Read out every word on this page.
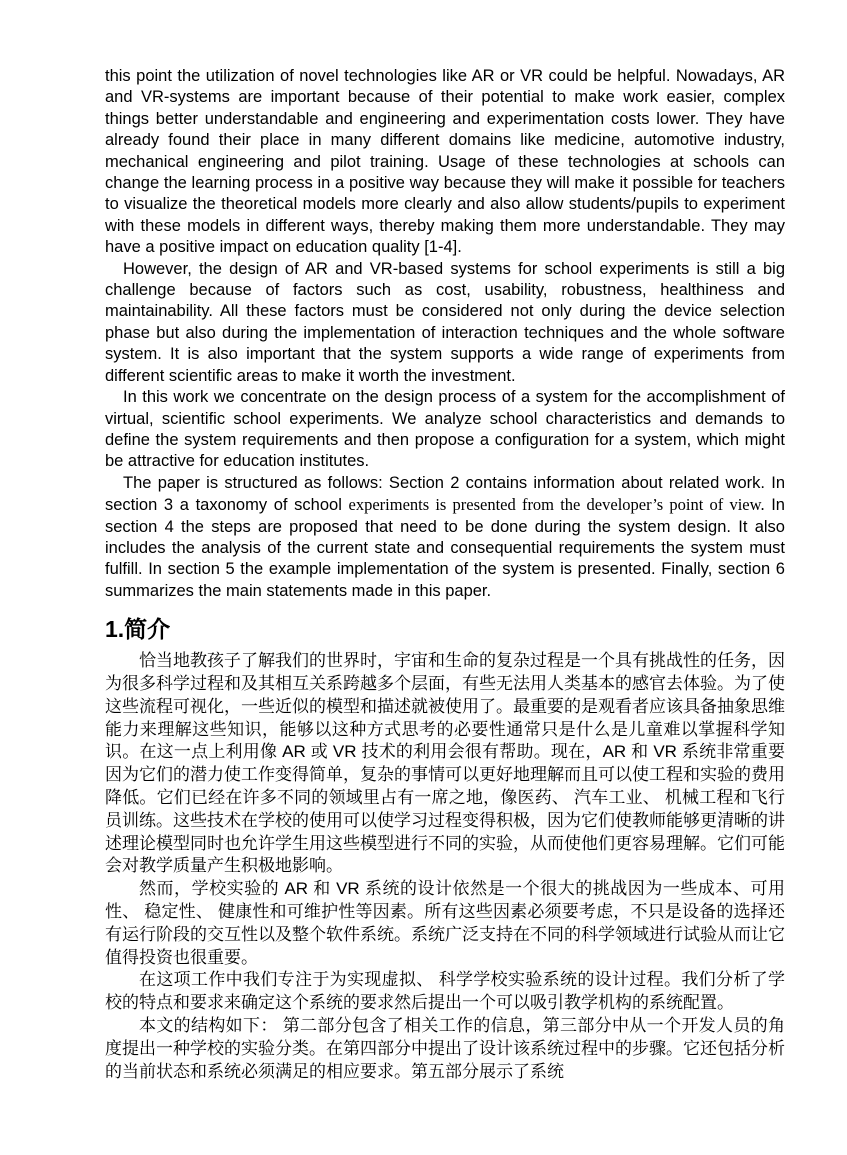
this point the utilization of novel technologies like AR or VR could be helpful. Nowadays, AR and VR-systems are important because of their potential to make work easier, complex things better understandable and engineering and experimentation costs lower. They have already found their place in many different domains like medicine, automotive industry, mechanical engineering and pilot training. Usage of these technologies at schools can change the learning process in a positive way because they will make it possible for teachers to visualize the theoretical models more clearly and also allow students/pupils to experiment with these models in different ways, thereby making them more understandable. They may have a positive impact on education quality [1-4].

However, the design of AR and VR-based systems for school experiments is still a big challenge because of factors such as cost, usability, robustness, healthiness and maintainability. All these factors must be considered not only during the device selection phase but also during the implementation of interaction techniques and the whole software system. It is also important that the system supports a wide range of experiments from different scientific areas to make it worth the investment.

In this work we concentrate on the design process of a system for the accomplishment of virtual, scientific school experiments. We analyze school characteristics and demands to define the system requirements and then propose a configuration for a system, which might be attractive for education institutes.

The paper is structured as follows: Section 2 contains information about related work. In section 3 a taxonomy of school experiments is presented from the developer’s point of view. In section 4 the steps are proposed that need to be done during the system design. It also includes the analysis of the current state and consequential requirements the system must fulfill. In section 5 the example implementation of the system is presented. Finally, section 6 summarizes the main statements made in this paper.

1.简介

恰当地教孩子了解我们的世界时，宇宙和生命的复杂过程是一个具有挑战性的任务，因为很多科学过程和及其相互关系跨越多个层面，有些无法用人类基本的感官去体验。为了使这些流程可视化，一些近似的模型和描述就被使用了。最重要的是观看者应该具备抽象思维能力来理解这些知识，能够以这种方式思考的必要性通常只是什么是儿童难以掌握科学知识。在这一点上利用像 AR 或 VR 技术的利用会很有帮助。现在，AR 和 VR 系统非常重要因为它们的潜力使工作变得简单，复杂的事情可以更好地理解而且可以使工程和实验的费用降低。它们已经在许多不同的领域里占有一席之地，像医药、 汽车工业、 机械工程和飞行员训练。这些技术在学校的使用可以使学习过程变得积极，因为它们使教师能够更清晰的讲述理论模型同时也允许学生用这些模型进行不同的实验，从而使他们更容易理解。它们可能会对教学质量产生积极地影响。

然而，学校实验的 AR 和 VR 系统的设计依然是一个很大的挑战因为一些成本、可用性、 稳定性、 健康性和可维护性等因素。所有这些因素必须要考虑，不只是设备的选择还有运行阶段的交互性以及整个软件系统。系统广泛支持在不同的科学领域进行试验从而让它值得投资也很重要。

在这项工作中我们专注于为实现虚拟、 科学学校实验系统的设计过程。我们分析了学校的特点和要求来确定这个系统的要求然后提出一个可以吸引教学机构的系统配置。

本文的结构如下： 第二部分包含了相关工作的信息，第三部分中从一个开发人员的角度提出一种学校的实验分类。在第四部分中提出了设计该系统过程中的步骤。它还包括分析的当前状态和系统必须满足的相应要求。第五部分展示了系统
